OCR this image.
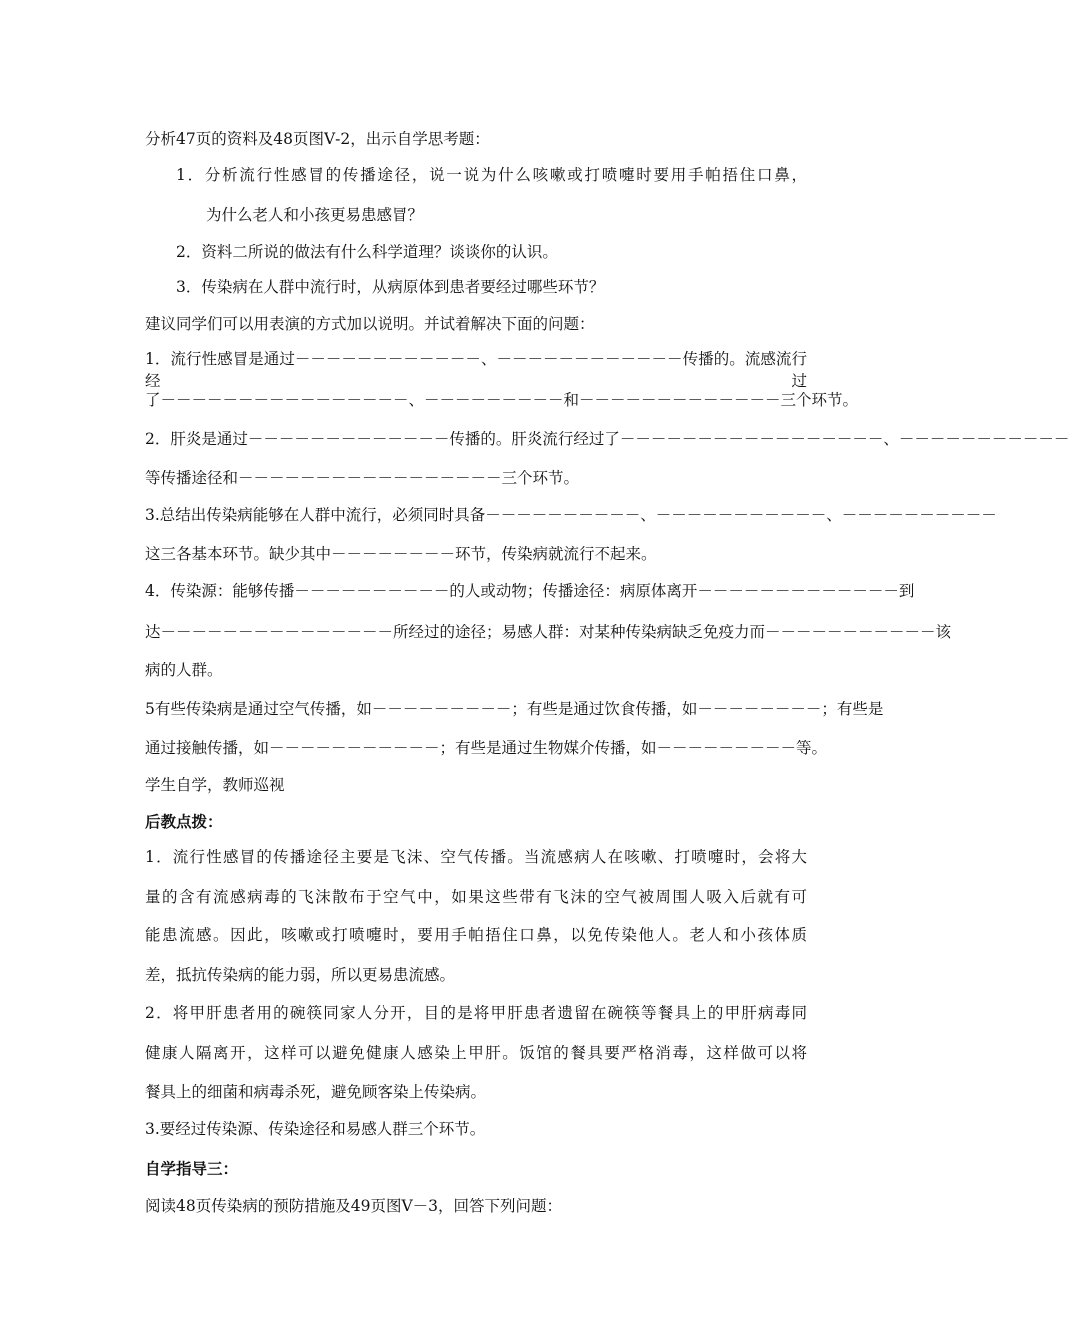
分析47页的资料及48页图Ⅴ-2，出示自学思考题：
1．分析流行性感冒的传播途径，说一说为什么咳嗽或打喷嚏时要用手帕捂住口鼻，
为什么老人和小孩更易患感冒？
2．资料二所说的做法有什么科学道理？谈谈你的认识。
3．传染病在人群中流行时，从病原体到患者要经过哪些环节？
建议同学们可以用表演的方式加以说明。并试着解决下面的问题：
1．流行性感冒是通过－－－－－－－－－－－－、－－－－－－－－－－－－传播的。流感流行经过
了－－－－－－－－－－－－－－－－、－－－－－－－－－和－－－－－－－－－－－－－三个环节。
2．肝炎是通过－－－－－－－－－－－－－传播的。肝炎流行经过了－－－－－－－－－－－－－－－－－、－－－－－－－－－－－
等传播途径和－－－－－－－－－－－－－－－－－三个环节。
3.总结出传染病能够在人群中流行，必须同时具备－－－－－－－－－－、－－－－－－－－－－－、－－－－－－－－－－
这三各基本环节。缺少其中－－－－－－－－环节，传染病就流行不起来。
4．传染源：能够传播－－－－－－－－－－的人或动物；传播途径：病原体离开－－－－－－－－－－－－－到
达－－－－－－－－－－－－－－－所经过的途径；易感人群：对某种传染病缺乏免疫力而－－－－－－－－－－－该
病的人群。
5有些传染病是通过空气传播，如－－－－－－－－－；有些是通过饮食传播，如－－－－－－－－；有些是
通过接触传播，如－－－－－－－－－－－；有些是通过生物媒介传播，如－－－－－－－－－等。
学生自学，教师巡视
后教点拨：
1．流行性感冒的传播途径主要是飞沫、空气传播。当流感病人在咳嗽、打喷嚏时，会将大
量的含有流感病毒的飞沫散布于空气中，如果这些带有飞沫的空气被周围人吸入后就有可
能患流感。因此，咳嗽或打喷嚏时，要用手帕捂住口鼻，以免传染他人。老人和小孩体质
差，抵抗传染病的能力弱，所以更易患流感。
2．将甲肝患者用的碗筷同家人分开，目的是将甲肝患者遗留在碗筷等餐具上的甲肝病毒同
健康人隔离开，这样可以避免健康人感染上甲肝。饭馆的餐具要严格消毒，这样做可以将
餐具上的细菌和病毒杀死，避免顾客染上传染病。
3.要经过传染源、传染途径和易感人群三个环节。
自学指导三：
阅读48页传染病的预防措施及49页图Ⅴ－3，回答下列问题：
